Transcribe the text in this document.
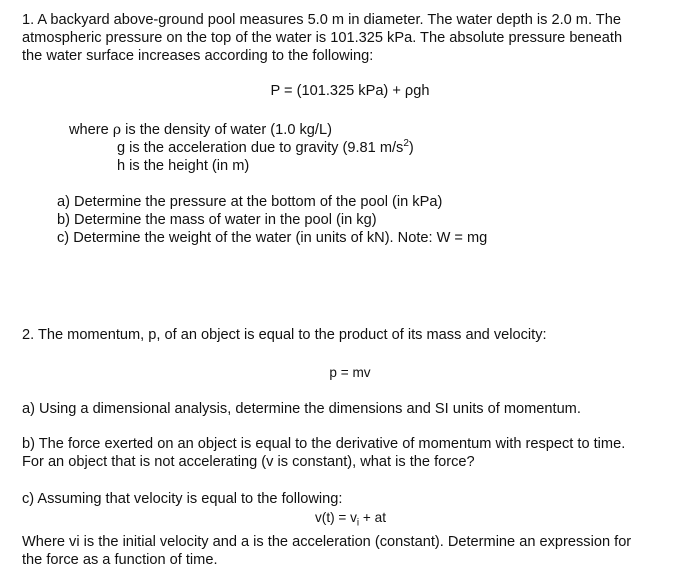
1. A backyard above-ground pool measures 5.0 m in diameter. The water depth is 2.0 m. The
atmospheric pressure on the top of the water is 101.325 kPa. The absolute pressure beneath
the water surface increases according to the following:
P = (101.325 kPa) + ρgh
where ρ is the density of water (1.0 kg/L)
g is the acceleration due to gravity (9.81 $m/s^2$)
h is the height (in m)
a) Determine the pressure at the bottom of the pool (in kPa)
b) Determine the mass of water in the pool (in kg)
c) Determine the weight of the water (in units of kN). Note: W = mg
2. The momentum, p, of an object is equal to the product of its mass and velocity:
p = mv
a) Using a dimensional analysis, determine the dimensions and SI units of momentum.
b) The force exerted on an object is equal to the derivative of momentum with respect to time.
For an object that is not accelerating (v is constant), what is the force?
c) Assuming that velocity is equal to the following:
$v(t) = v_i$ + at
Where vi is the initial velocity and a is the acceleration (constant). Determine an expression for
the force as a function of time.
